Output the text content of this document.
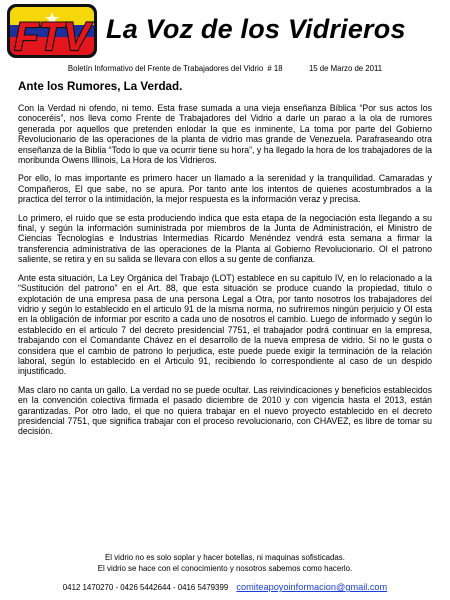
FTV La Voz de los Vidrieros
Boletín Informativo del Frente de Trabajadores del Vidrio # 18	15 de Marzo de 2011
Ante los Rumores, La Verdad.

Con la Verdad ni ofendo, ni temo. Esta frase sumada a una vieja enseñanza Bíblica “Por sus actos los conoceréis”, nos lleva como Frente de Trabajadores del Vidrio a darle un parao a la ola de rumores generada por aquellos que pretenden enlodar la que es inminente, La toma por parte del Gobierno Revolucionario de las operaciones de la planta de vidrio mas grande de Venezuela. Parafraseando otra enseñanza de la Biblia “Todo lo que va ocurrir tiene su hora”, y ha llegado la hora de los trabajadores de la moribunda Owens Illinois, La Hora de los Vidrieros.

Por ello, lo mas importante es primero hacer un llamado a la serenidad y la tranquilidad. Camaradas y Compañeros, El que sabe, no se apura. Por tanto ante los intentos de quienes acostumbrados a la practica del terror o la intimidación, la mejor respuesta es la información veraz y precisa.

Lo primero, el ruido que se esta produciendo indica que esta etapa de la negociación esta llegando a su final, y según la información suministrada por miembros de la Junta de Administración, el Ministro de Ciencias Tecnologías e Industrias Intermedias Ricardo Menéndez vendrá esta semana a firmar la transferencia administrativa de las operaciones de la Planta al Gobierno Revolucionario. Ol el patrono saliente, se retira y en su salida se llevara con ellos a su gente de confianza.

Ante esta situación, La Ley Orgánica del Trabajo (LOT) establece en su capitulo IV, en lo relacionado a la “Sustitución del patrono” en el Art. 88, que esta situación se produce cuando la propiedad, titulo o explotación de una empresa pasa de una persona Legal a Otra, por tanto nosotros los trabajadores del vidrio y según lo establecido en el articulo 91 de la misma norma, no sufriremos ningún perjuicio y OI esta en la obligación de informar por escrito a cada uno de nosotros el cambio. Luego de informado y según lo establecido en el articulo 7 del decreto presidencial 7751, el trabajador podrá continuar en la empresa, trabajando con el Comandante Chávez en el desarrollo de la nueva empresa de vidrio. Si no le gusta o considera que el cambio de patrono lo perjudica, este puede puede exigir la terminación de la relación laboral, según lo establecido en el Articulo 91, recibiendo lo correspondiente al caso de un despido injustificado.

Mas claro no canta un gallo. La verdad no se puede ocultar. Las reivindicaciones y beneficios establecidos en la convención colectiva firmada el pasado diciembre de 2010 y con vigencia hasta el 2013, están garantizadas. Por otro lado, el que no quiera trabajar en el nuevo proyecto establecido en el decreto presidencial 7751, que significa trabajar con el proceso revolucionario, con CHAVEZ, es libre de tomar su decisión.

El vidrio no es solo soplar y hacer botellas, ni maquinas sofisticadas.
El vidrio se hace con el conocimiento y nosotros sabemos como hacerlo.
0412 1470270 - 0426 5442644 - 0416 5479399 comiteapoyoinformacion@gmail.com
